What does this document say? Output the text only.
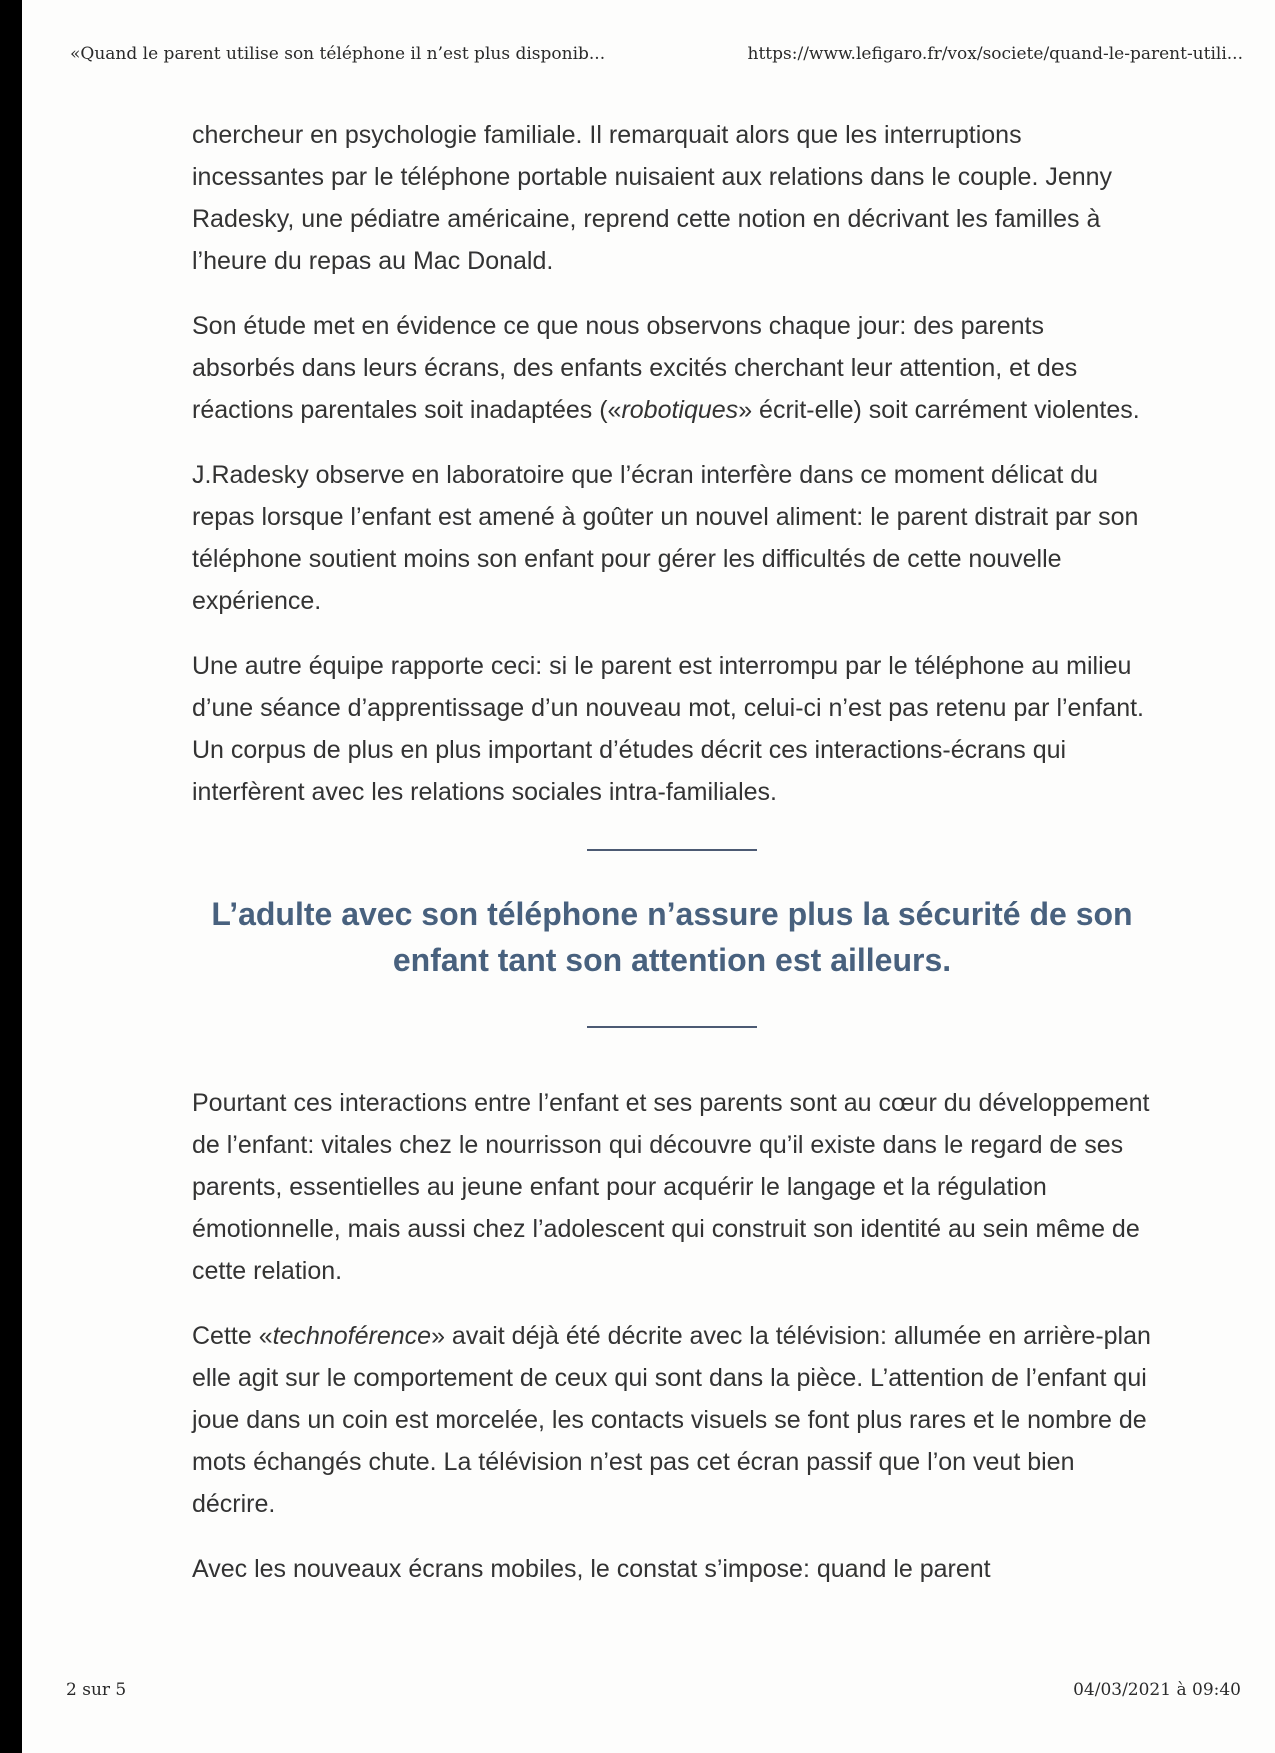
«Quand le parent utilise son téléphone il n’est plus disponib...	https://www.lefigaro.fr/vox/societe/quand-le-parent-utili...

chercheur en psychologie familiale. Il remarquait alors que les interruptions incessantes par le téléphone portable nuisaient aux relations dans le couple. Jenny Radesky, une pédiatre américaine, reprend cette notion en décrivant les familles à l’heure du repas au Mac Donald.

Son étude met en évidence ce que nous observons chaque jour: des parents absorbés dans leurs écrans, des enfants excités cherchant leur attention, et des réactions parentales soit inadaptées («robotiques» écrit-elle) soit carrément violentes.

J.Radesky observe en laboratoire que l’écran interfère dans ce moment délicat du repas lorsque l’enfant est amené à goûter un nouvel aliment: le parent distrait par son téléphone soutient moins son enfant pour gérer les difficultés de cette nouvelle expérience.

Une autre équipe rapporte ceci: si le parent est interrompu par le téléphone au milieu d’une séance d’apprentissage d’un nouveau mot, celui-ci n’est pas retenu par l’enfant. Un corpus de plus en plus important d’études décrit ces interactions-écrans qui interfèrent avec les relations sociales intra-familiales.

L’adulte avec son téléphone n’assure plus la sécurité de son enfant tant son attention est ailleurs.

Pourtant ces interactions entre l’enfant et ses parents sont au cœur du développement de l’enfant: vitales chez le nourrisson qui découvre qu’il existe dans le regard de ses parents, essentielles au jeune enfant pour acquérir le langage et la régulation émotionnelle, mais aussi chez l’adolescent qui construit son identité au sein même de cette relation.

Cette «technoférence» avait déjà été décrite avec la télévision: allumée en arrière-plan elle agit sur le comportement de ceux qui sont dans la pièce. L’attention de l’enfant qui joue dans un coin est morcelée, les contacts visuels se font plus rares et le nombre de mots échangés chute. La télévision n’est pas cet écran passif que l’on veut bien décrire.

Avec les nouveaux écrans mobiles, le constat s’impose: quand le parent

2 sur 5	04/03/2021 à 09:40
